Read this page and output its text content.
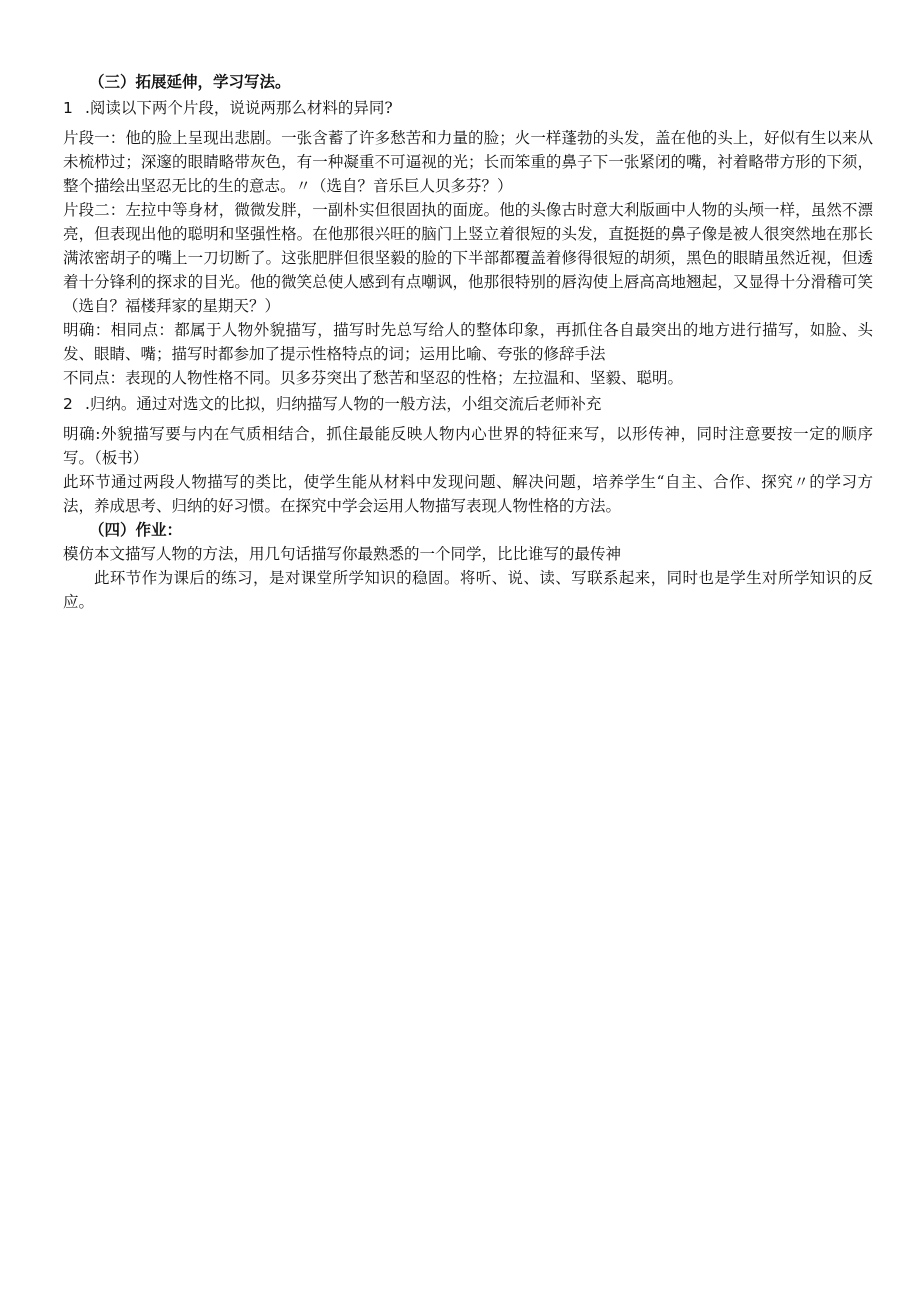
（三）拓展延伸，学习写法。

1 .阅读以下两个片段，说说两那么材料的异同?

片段一：他的脸上呈现出悲剧。一张含蓄了许多愁苦和力量的脸；火一样蓬勃的头发，盖在他的头上，好似有生以来从未梳栉过；深邃的眼睛略带灰色，有一种凝重不可逼视的光；长而笨重的鼻子下一张紧闭的嘴，衬着略带方形的下须，整个描绘出坚忍无比的生的意志。〃（选自？音乐巨人贝多芬？）

片段二：左拉中等身材，微微发胖，一副朴实但很固执的面庞。他的头像古时意大利版画中人物的头颅一样，虽然不漂亮，但表现出他的聪明和坚强性格。在他那很兴旺的脑门上竖立着很短的头发，直挺挺的鼻子像是被人很突然地在那长满浓密胡子的嘴上一刀切断了。这张肥胖但很坚毅的脸的下半部都覆盖着修得很短的胡须，黑色的眼睛虽然近视，但透着十分锋利的探求的目光。他的微笑总使人感到有点嘲讽，他那很特别的唇沟使上唇高高地翘起，又显得十分滑稽可笑（选自？福楼拜家的星期天？）

明确：相同点：都属于人物外貌描写，描写时先总写给人的整体印象，再抓住各自最突出的地方进行描写，如脸、头发、眼睛、嘴；描写时都参加了提示性格特点的词；运用比喻、夸张的修辞手法

不同点：表现的人物性格不同。贝多芬突出了愁苦和坚忍的性格；左拉温和、坚毅、聪明。

2 .归纳。通过对选文的比拟，归纳描写人物的一般方法，小组交流后老师补充

明确:外貌描写要与内在气质相结合，抓住最能反映人物内心世界的特征来写，以形传神，同时注意要按一定的顺序写。（板书）

此环节通过两段人物描写的类比，使学生能从材料中发现问题、解决问题，培养学生“自主、合作、探究〃的学习方法，养成思考、归纳的好习惯。在探究中学会运用人物描写表现人物性格的方法。

（四）作业：

模仿本文描写人物的方法，用几句话描写你最熟悉的一个同学，比比谁写的最传神

此环节作为课后的练习，是对课堂所学知识的稳固。将听、说、读、写联系起来，同时也是学生对所学知识的反应。
